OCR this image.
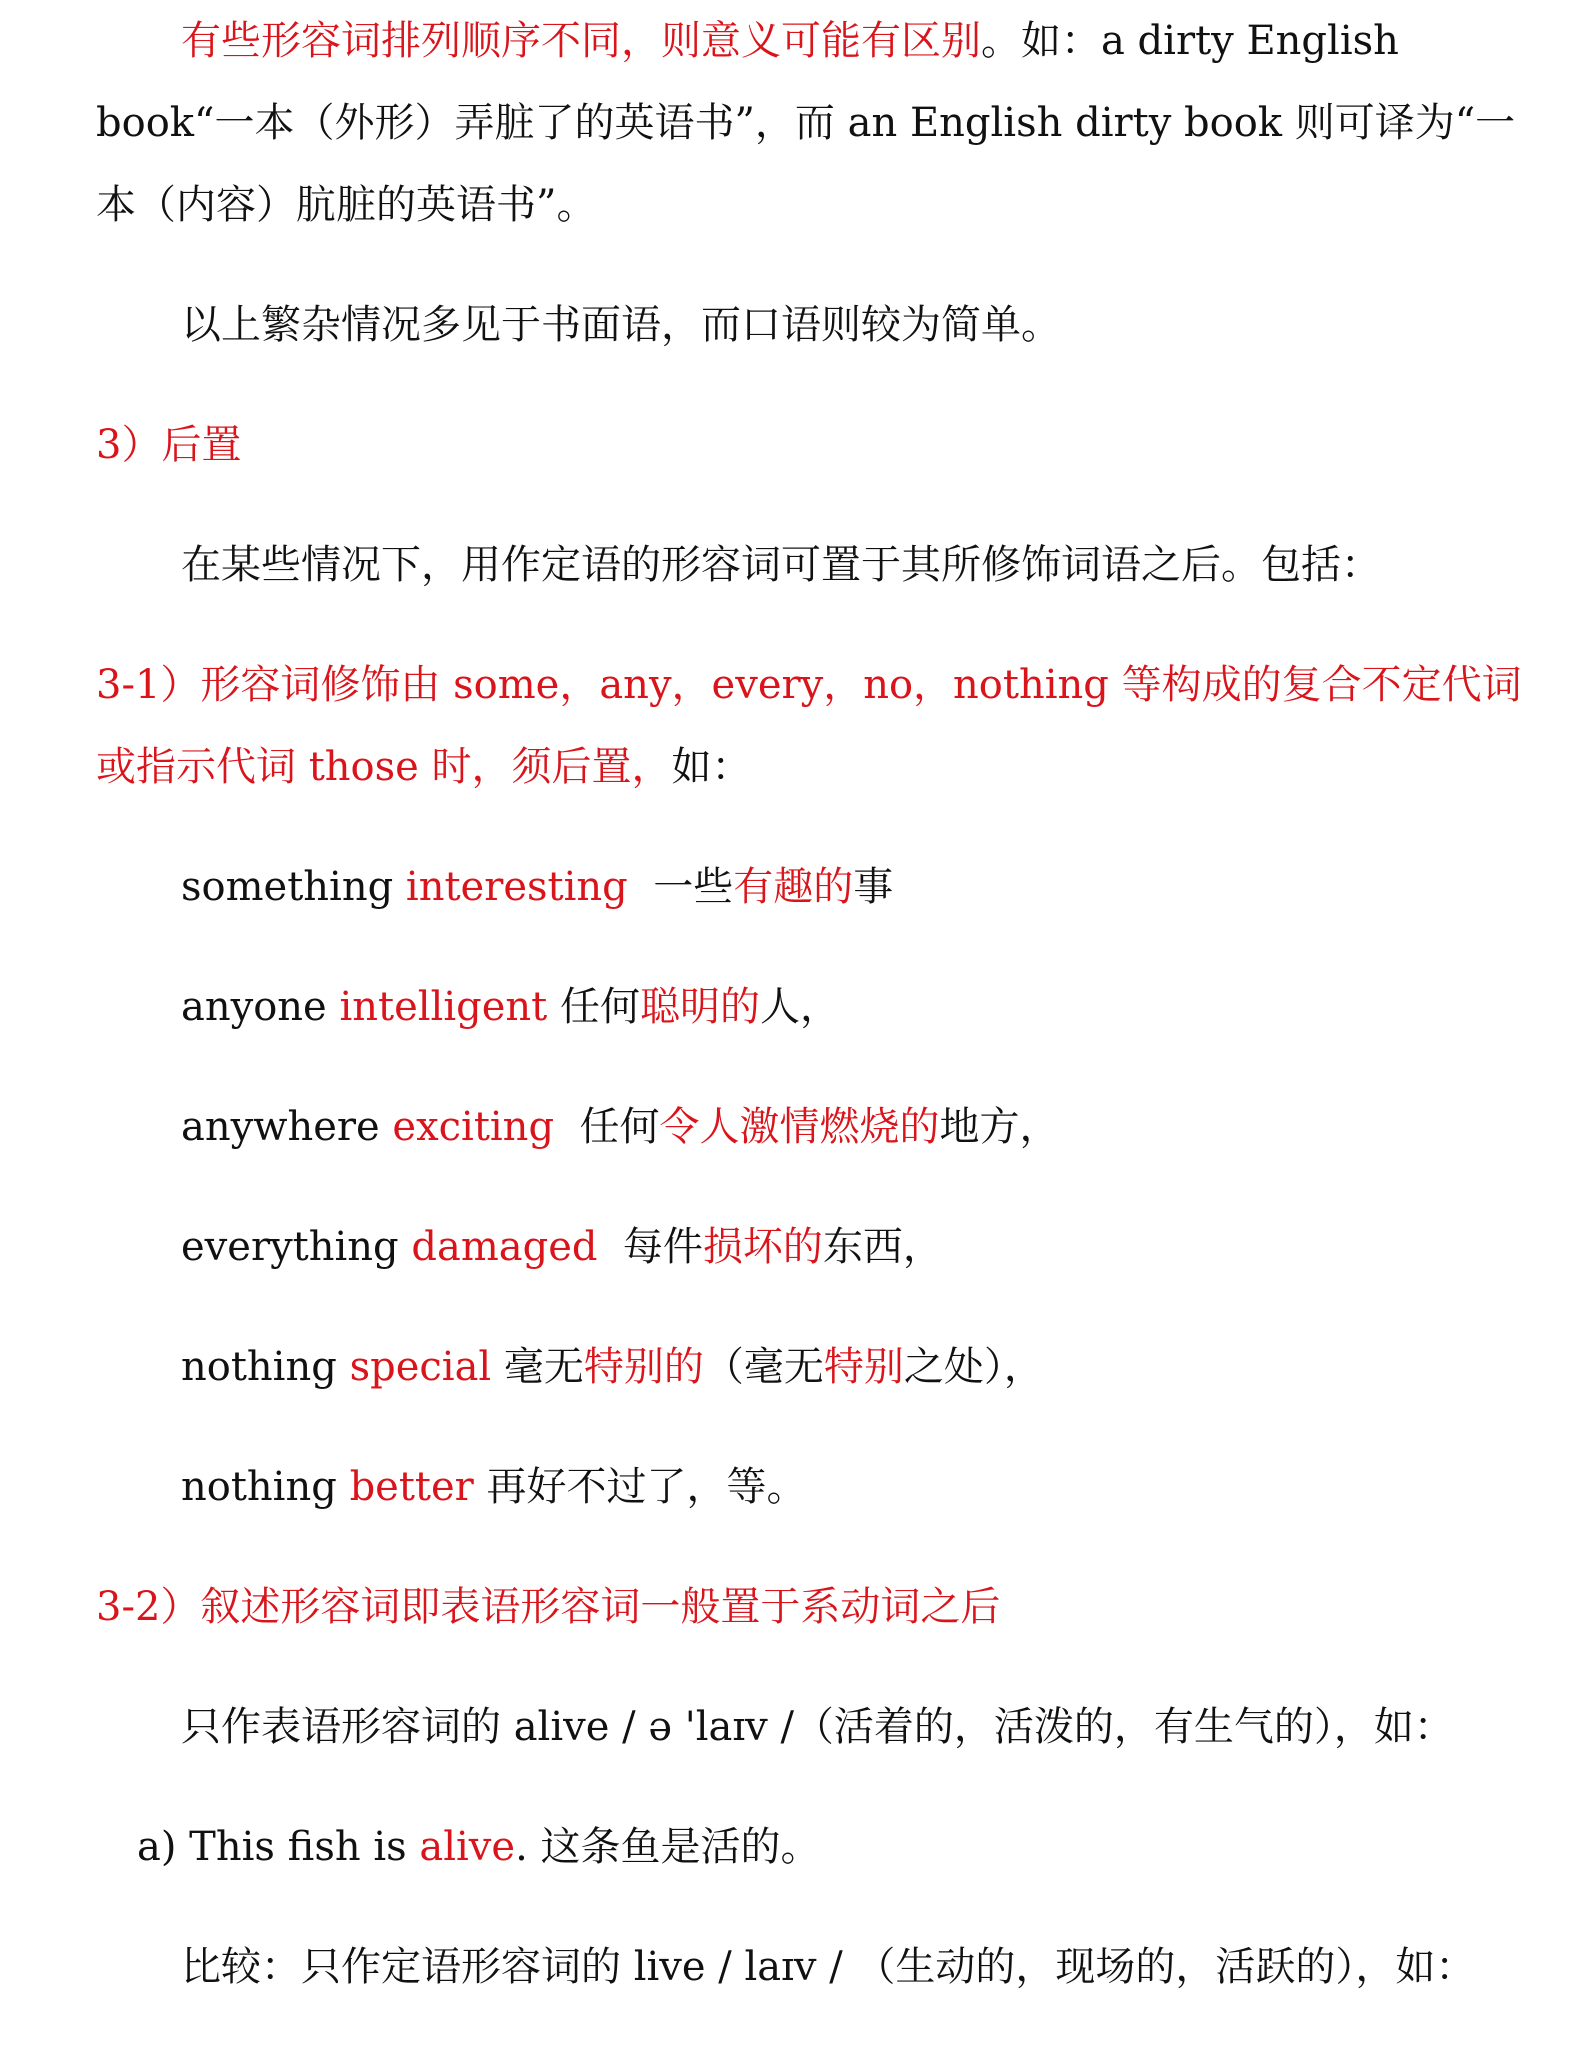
有些形容词排列顺序不同，则意义可能有区别。如：a dirty English
book“一本（外形）弄脏了的英语书”，而 an English dirty book 则可译为“一
本（内容）肮脏的英语书”。
以上繁杂情况多见于书面语，而口语则较为简单。
3）后置
在某些情况下，用作定语的形容词可置于其所修饰词语之后。包括：
3-1）形容词修饰由 some，any，every，no，nothing 等构成的复合不定代词
或指示代词 those 时，须后置，如：
something interesting  一些有趣的事
anyone intelligent 任何聪明的人，
anywhere exciting  任何令人激情燃烧的地方，
everything damaged  每件损坏的东西，
nothing special 毫无特别的（毫无特别之处），
nothing better 再好不过了，等。
3-2）叙述形容词即表语形容词一般置于系动词之后
只作表语形容词的 alive / ə 'laɪv /（活着的，活泼的，有生气的），如：
a) This fish is alive. 这条鱼是活的。
比较：只作定语形容词的 live / laɪv / （生动的，现场的，活跃的），如：
